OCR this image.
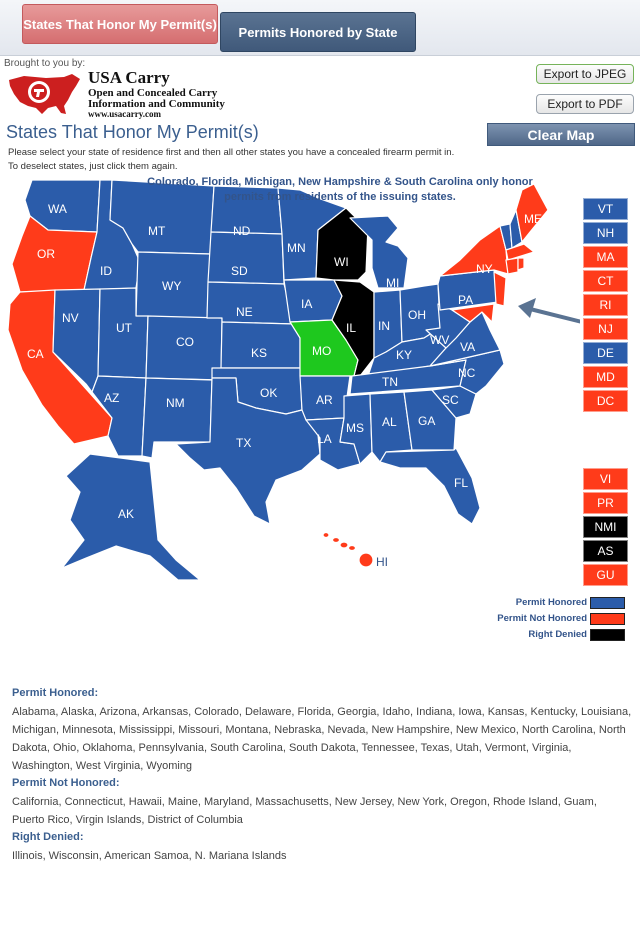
States That Honor My Permit(s)
Permits Honored by State
Brought to you by:
USA Carry
Open and Concealed Carry
Information and Community
www.usacarry.com
Export to JPEG
Export to PDF
States That Honor My Permit(s)	Clear Map
Please select your state of residence first and then all other states you have a concealed firearm permit in.
To deselect states, just click them again.
WA
OR
CA
ID
NV
MT
WY
UT
AZ
CO
NM
ND
SD
NE
KS
OK
TX
MN
IA
MO
AR
LA
WI
IL
MI
IN
OH
KY
TN
MS AL GA
FL
SC
NC
VA
WV
PA
NY
ME
AK
HI
Colorado, Florida, Michigan, New Hampshire & South Carolina only honor
permits from residents of the issuing states.
VT
NH
MA
CT
RI
NJ
DE
MD
DC
VI
PR
NMI
AS
GU
Permit Honored
Permit Not Honored
Right Denied
Permit Honored:
Alabama, Alaska, Arizona, Arkansas, Colorado, Delaware, Florida, Georgia, Idaho, Indiana, Iowa, Kansas, Kentucky, Louisiana, Michigan, Minnesota, Mississippi, Missouri, Montana, Nebraska, Nevada, New Hampshire, New Mexico, North Carolina, North Dakota, Ohio, Oklahoma, Pennsylvania, South Carolina, South Dakota, Tennessee, Texas, Utah, Vermont, Virginia, Washington, West Virginia, Wyoming
Permit Not Honored:
California, Connecticut, Hawaii, Maine, Maryland, Massachusetts, New Jersey, New York, Oregon, Rhode Island, Guam, Puerto Rico, Virgin Islands, District of Columbia
Right Denied:
Illinois, Wisconsin, American Samoa, N. Mariana Islands
